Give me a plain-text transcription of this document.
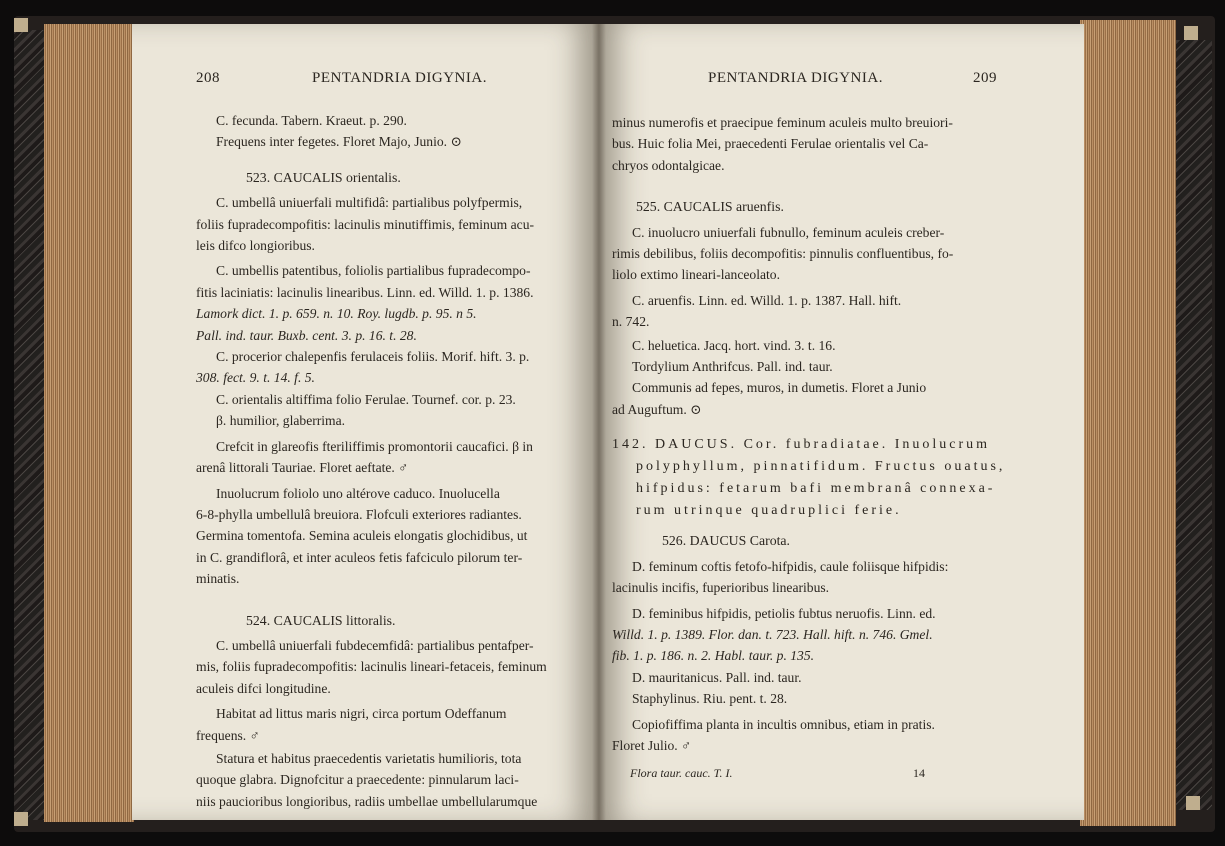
208	PENTANDRIA DIGYNIA.

C. fecunda. Tabern. Kraeut. p. 290.

Frequens inter fegetes. Floret Majo, Junio. ⊙

523. CAUCALIS orientalis.

C. umbellâ uniuerfali multifidâ: partialibus polyfpermis,

foliis fupradecompofitis: lacinulis minutiffimis, feminum acu-

leis difco longioribus.

C. umbellis patentibus, foliolis partialibus fupradecompo-

fitis laciniatis: lacinulis linearibus. Linn. ed. Willd. 1. p. 1386.

Lamork dict. 1. p. 659. n. 10. Roy. lugdb. p. 95. n 5.

Pall. ind. taur. Buxb. cent. 3. p. 16. t. 28.

C. procerior chalepenfis ferulaceis foliis. Morif. hift. 3. p.

308. fect. 9. t. 14. f. 5.

C. orientalis altiffima folio Ferulae. Tournef. cor. p. 23.

β. humilior, glaberrima.

Crefcit in glareofis fteriliffimis promontorii caucafici. β in

arenâ littorali Tauriae. Floret aeftate. ♂

Inuolucrum foliolo uno altérove caduco. Inuolucella

6-8-phylla umbellulâ breuiora. Flofculi exteriores radiantes.

Germina tomentofa. Semina aculeis elongatis glochidibus, ut

in C. grandiflorâ, et inter aculeos fetis fafciculo pilorum ter-

minatis.

524. CAUCALIS littoralis.

C. umbellâ uniuerfali fubdecemfidâ: partialibus pentafper-

mis, foliis fupradecompofitis: lacinulis lineari-fetaceis, feminum

aculeis difci longitudine.

Habitat ad littus maris nigri, circa portum Odeffanum

frequens. ♂

Statura et habitus praecedentis varietatis humilioris, tota

quoque glabra. Dignofcitur a praecedente: pinnularum laci-

niis paucioribus longioribus, radiis umbellae umbellularumque

PENTANDRIA DIGYNIA.	209

minus numerofis et praecipue feminum aculeis multo breuiori-

bus. Huic folia Mei, praecedenti Ferulae orientalis vel Ca-

chryos odontalgicae.

525. CAUCALIS aruenfis.

C. inuolucro uniuerfali fubnullo, feminum aculeis creber-

rimis debilibus, foliis decompofitis: pinnulis confluentibus, fo-

liolo extimo lineari-lanceolato.

C. aruenfis. Linn. ed. Willd. 1. p. 1387. Hall. hift.

n. 742.

C. heluetica. Jacq. hort. vind. 3. t. 16.

Tordylium Anthrifcus. Pall. ind. taur.

Communis ad fepes, muros, in dumetis. Floret a Junio

ad Auguftum. ⊙

142. DAUCUS. Cor. fubradiatae. Inuolucrum

polyphyllum, pinnatifidum. Fructus ouatus,

hifpidus: fetarum bafi membranâ connexa-

rum utrinque quadruplici ferie.

526. DAUCUS Carota.

D. feminum coftis fetofo-hifpidis, caule foliisque hifpidis:

lacinulis incifis, fuperioribus linearibus.

D. feminibus hifpidis, petiolis fubtus neruofis. Linn. ed.

Willd. 1. p. 1389. Flor. dan. t. 723. Hall. hift. n. 746. Gmel.

fib. 1. p. 186. n. 2. Habl. taur. p. 135.

D. mauritanicus. Pall. ind. taur.

Staphylinus. Riu. pent. t. 28.

Copiofiffima planta in incultis omnibus, etiam in pratis.

Floret Julio. ♂

Flora taur. cauc. T. I.	14
